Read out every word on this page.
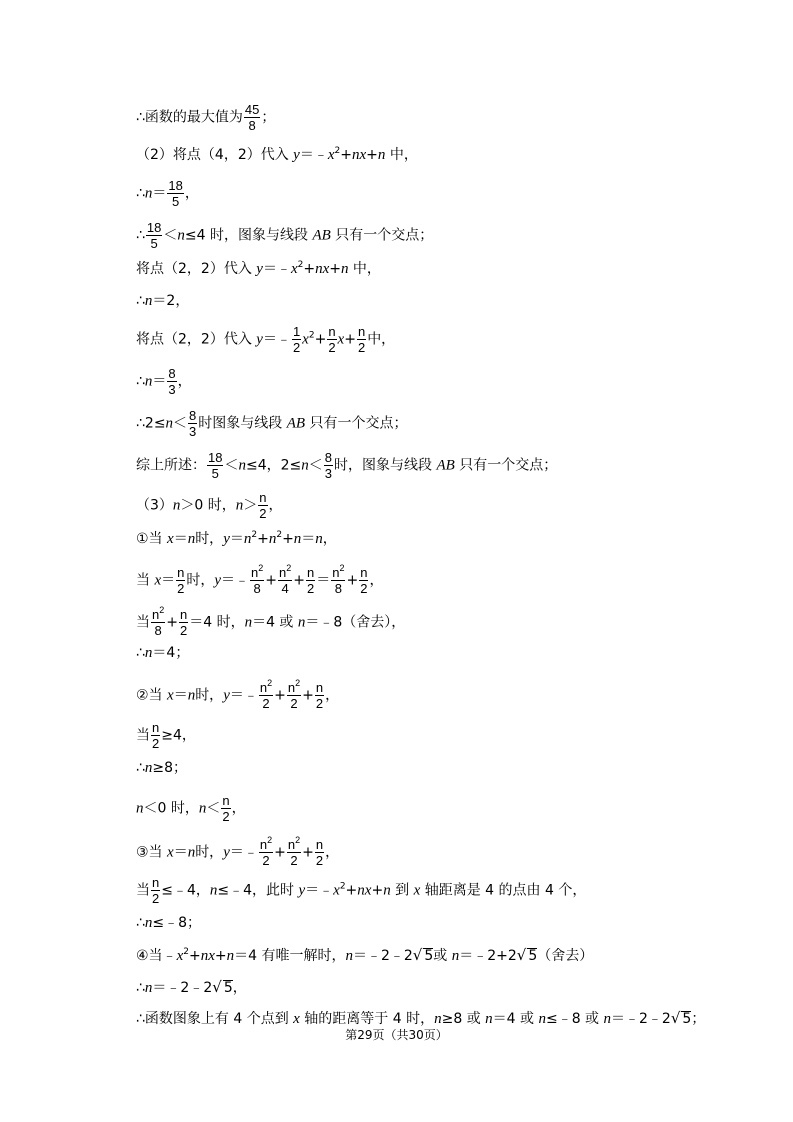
∴函数的最大值为 $\frac{45}{8}$ ；
（2）将点（4，2）代入 $y=﹣x^2+nx+n$ 中，
∴n＝ $\frac{18}{5}$ ，
∴ $\frac{18}{5} <n\le 4$ 时，图象与线段 AB 只有一个交点；
将点（2，2）代入 $y=﹣x^2+nx+n$ 中，
∴n＝2，
将点（2，2）代入 y＝﹣ $\frac{1}{2} x^2+ \frac{n}{2} x+ \frac{n}{2}$ 中，
∴n＝ $\frac{8}{3}$ ，
∴2≤n＜ $\frac{8}{3}$ 时图象与线段 AB 只有一个交点；
综上所述： $\frac{18}{5} <n\le 4$，$2\le n< \frac{8}{3}$ 时，图象与线段 AB 只有一个交点；
（3）n＞0 时，$n> \frac{n}{2}$ ，
①当 x＝n时，$y=n^2+n^2+n=n$，
当 $x= \frac{n}{2}$ 时，y＝﹣ $\frac{n^2}{8} + \frac{n^2}{4} + \frac{n}{2} = \frac{n^2}{8} + \frac{n}{2}$ ，
当 $\frac{n^2}{8} + \frac{n}{2} =4$ 时，n＝4 或 n＝﹣8（舍去），
∴n＝4；
②当 x＝n时，y＝﹣ $\frac{n^2}{2} + \frac{n^2}{2} + \frac{n}{2}$ ，
当 $\frac{n}{2} \ge 4$，
∴n≥8；
n＜0 时，$n< \frac{n}{2}$ ，
③当 x＝n时，y＝﹣ $\frac{n^2}{2} + \frac{n^2}{2} + \frac{n}{2}$ ，
当 $\frac{n}{2}$ ≤﹣4，n≤﹣4，此时 $y=﹣x^2+nx+n$ 到 x 轴距离是 4 的点由 4 个，
∴n≤﹣8；
④当$﹣x^2+nx+n=4$ 有唯一解时，n＝﹣2﹣2√ 5或 n＝﹣2+2√ 5（舍去）
∴n＝﹣2﹣2√ 5，
∴函数图象上有 4 个点到 x 轴的距离等于 4 时，n≥8 或 n＝4 或 n≤﹣8 或 n＝﹣2﹣2√ 5；
第29页（共30页）
